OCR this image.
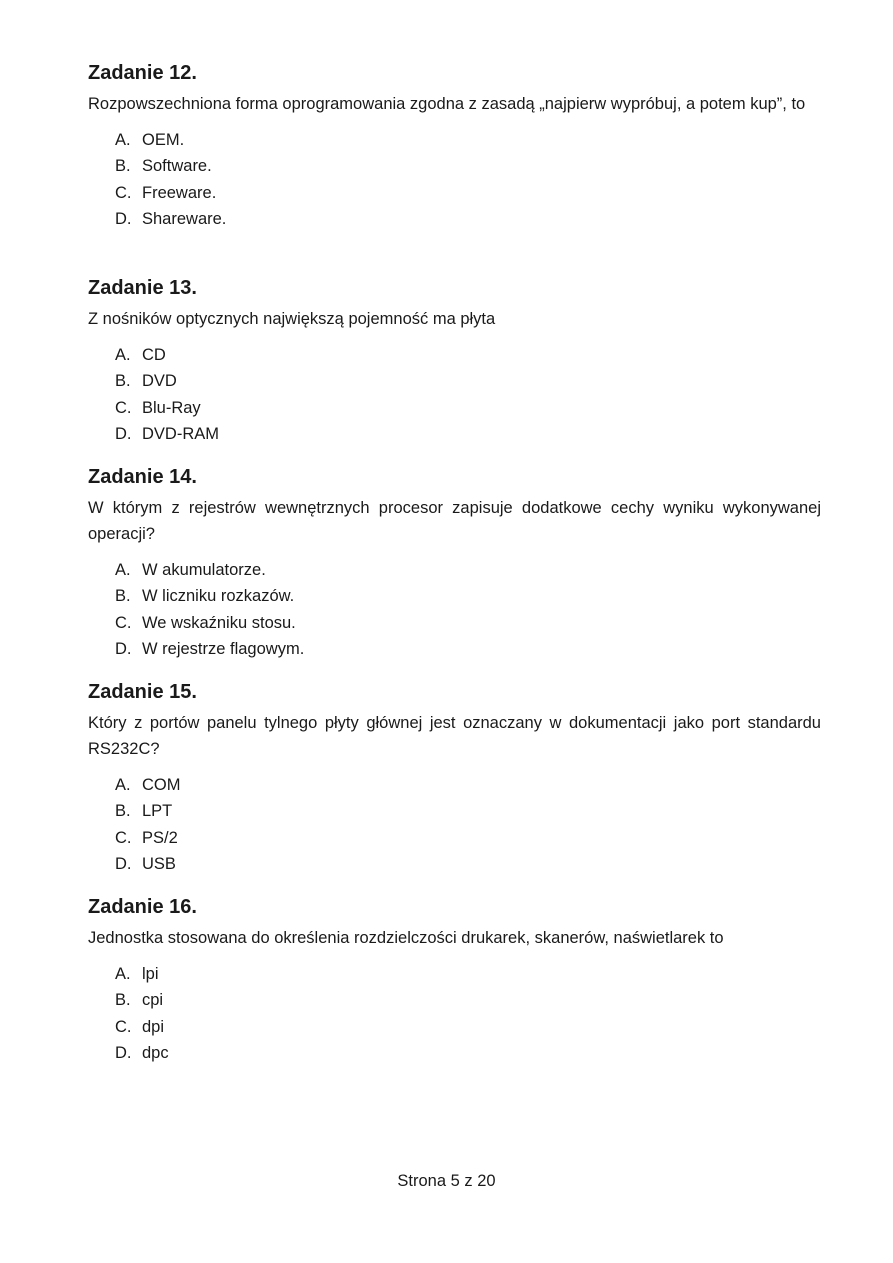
Zadanie 12.

Rozpowszechniona forma oprogramowania zgodna z zasadą „najpierw wypróbuj, a potem kup”, to

A. OEM.
B. Software.
C. Freeware.
D. Shareware.
Zadanie 13.

Z nośników optycznych największą pojemność ma płyta

A. CD
B. DVD
C. Blu-Ray
D. DVD-RAM
Zadanie 14.

W którym z rejestrów wewnętrznych procesor zapisuje dodatkowe cechy wyniku wykonywanej operacji?

A. W akumulatorze.
B. W liczniku rozkazów.
C. We wskaźniku stosu.
D. W rejestrze flagowym.
Zadanie 15.

Który z portów panelu tylnego płyty głównej jest oznaczany w dokumentacji jako port standardu RS232C?

A. COM
B. LPT
C. PS/2
D. USB
Zadanie 16.

Jednostka stosowana do określenia rozdzielczości drukarek, skanerów, naświetlarek to

A. lpi
B. cpi
C. dpi
D. dpc
Strona 5 z 20
